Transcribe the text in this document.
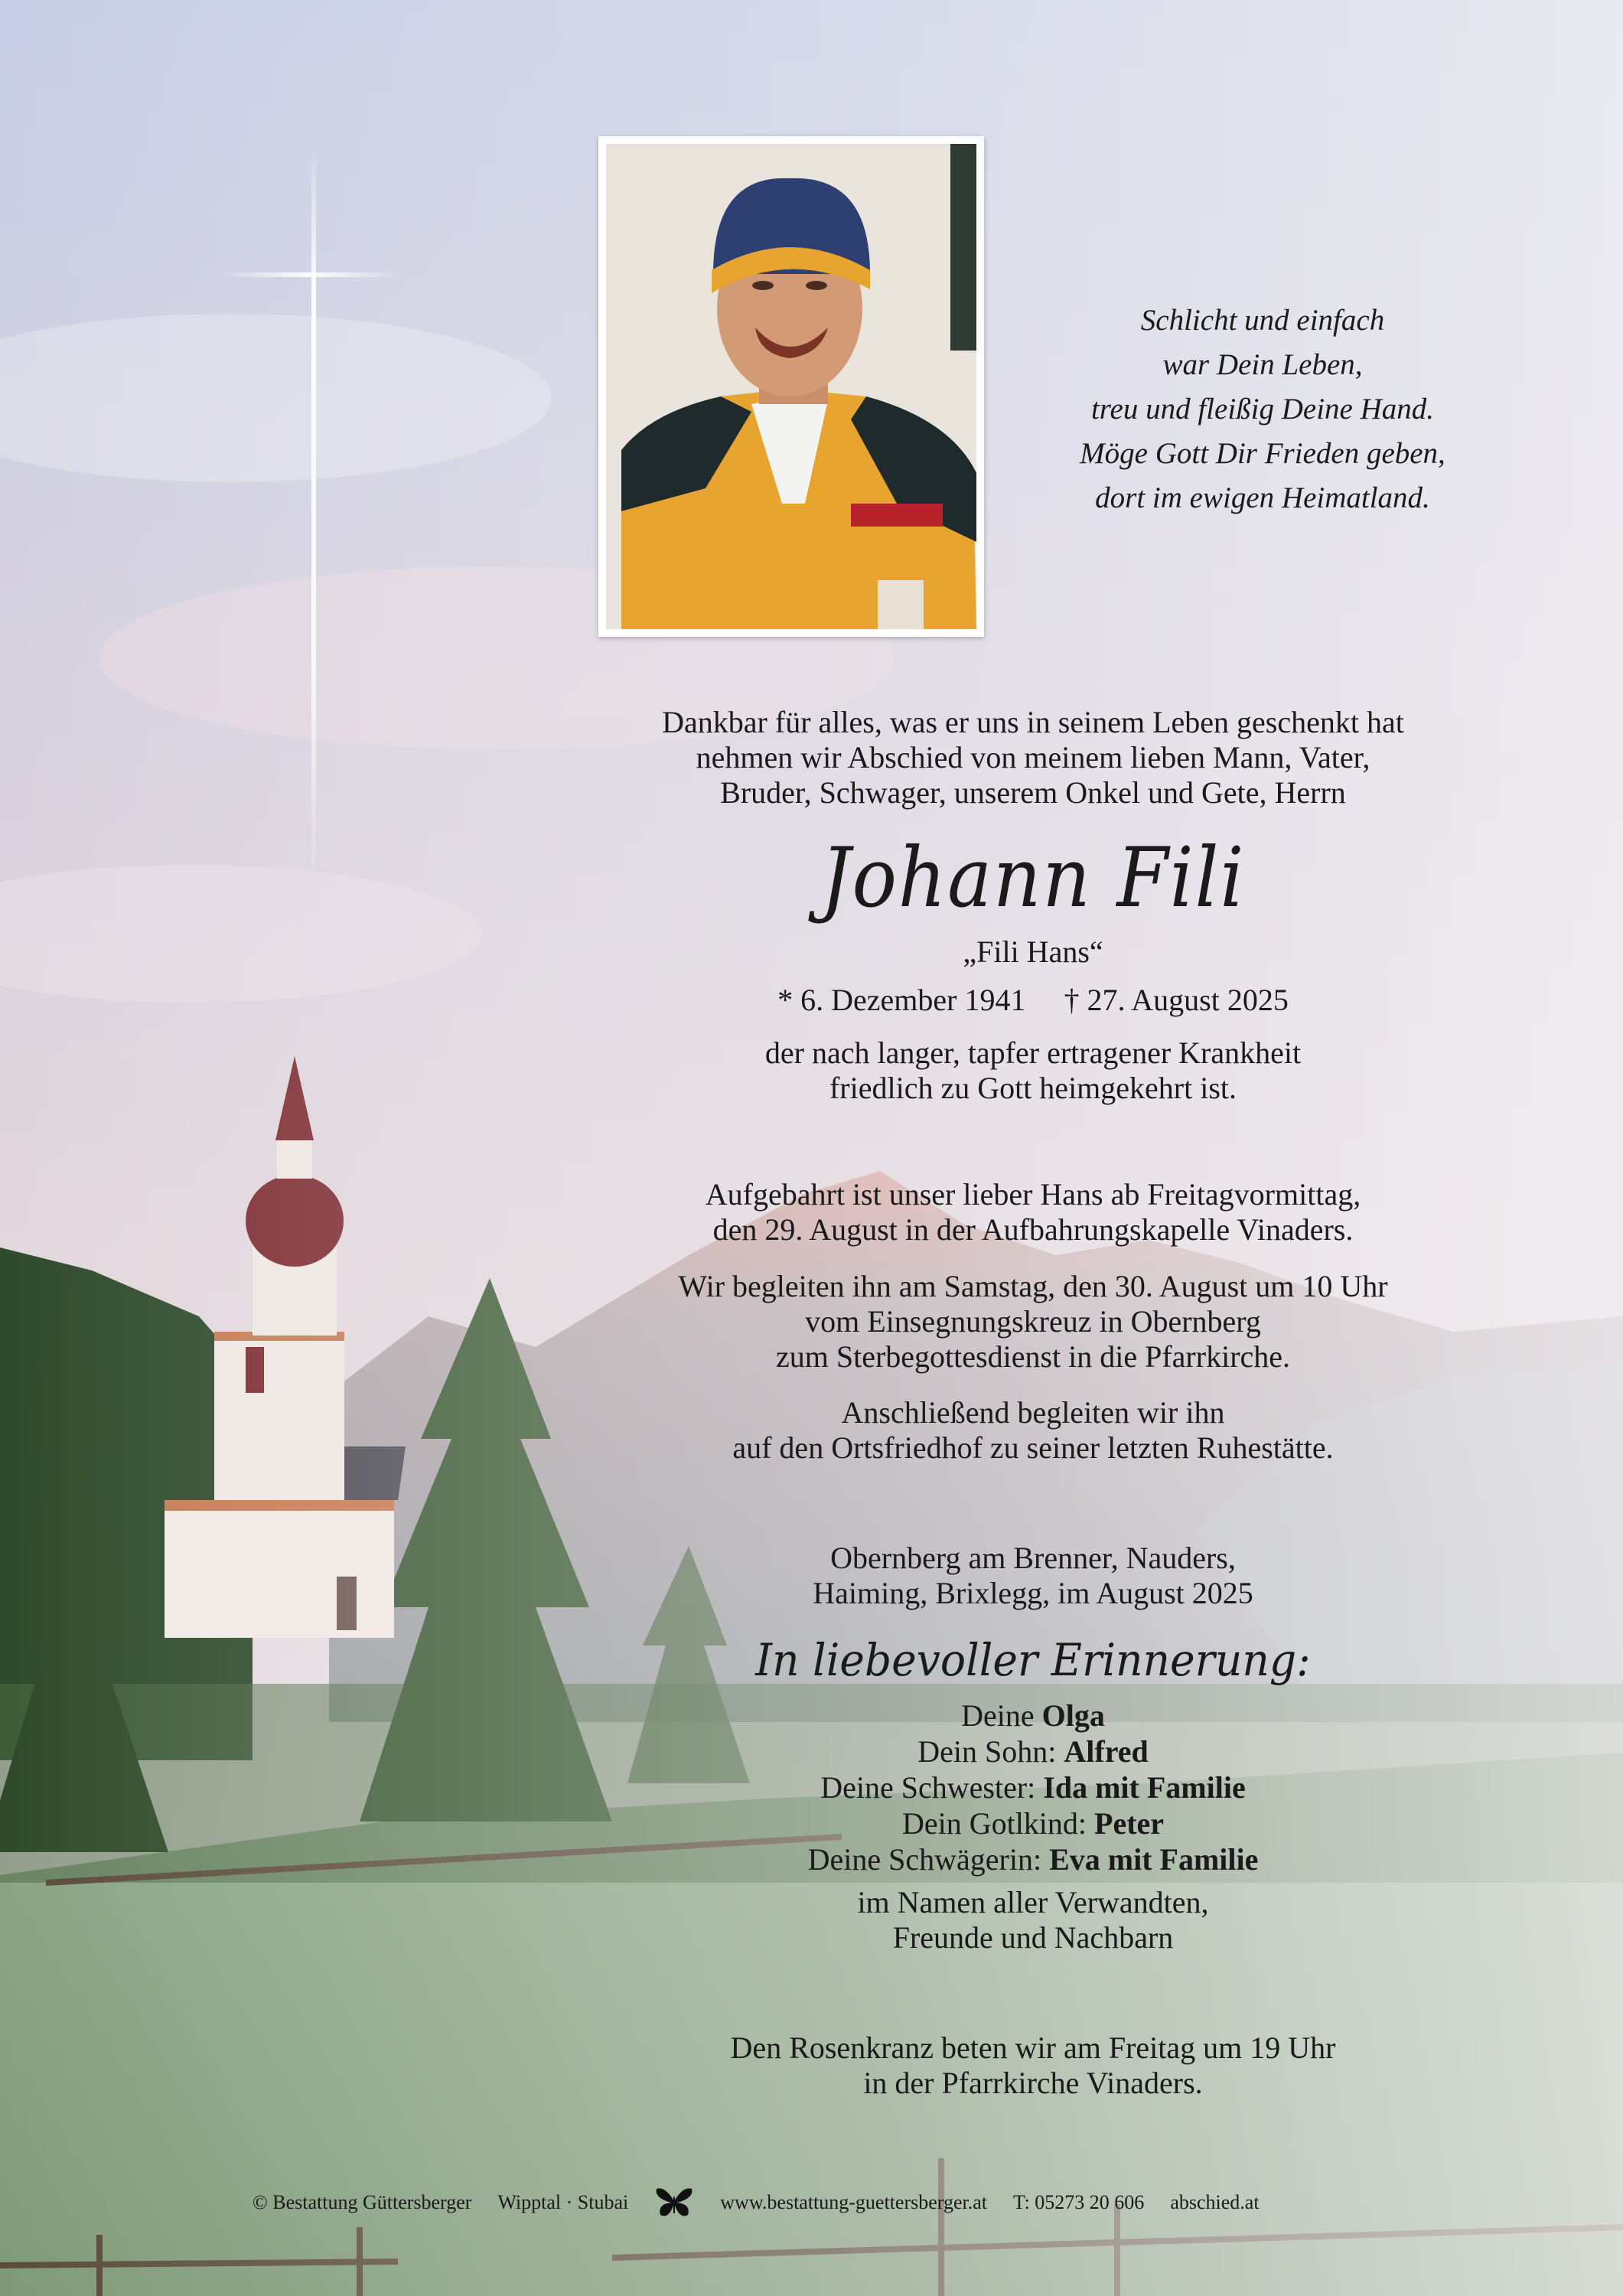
Schlicht und einfach
war Dein Leben,
treu und fleißig Deine Hand.
Möge Gott Dir Frieden geben,
dort im ewigen Heimatland.
Dankbar für alles, was er uns in seinem Leben geschenkt hat
nehmen wir Abschied von meinem lieben Mann, Vater,
Bruder, Schwager, unserem Onkel und Gete, Herrn
Johann Fili
„Fili Hans“
* 6. Dezember 1941 † 27. August 2025
der nach langer, tapfer ertragener Krankheit
friedlich zu Gott heimgekehrt ist.
Aufgebahrt ist unser lieber Hans ab Freitagvormittag,
den 29. August in der Aufbahrungskapelle Vinaders.
Wir begleiten ihn am Samstag, den 30. August um 10 Uhr
vom Einsegnungskreuz in Obernberg
zum Sterbegottesdienst in die Pfarrkirche.
Anschließend begleiten wir ihn
auf den Ortsfriedhof zu seiner letzten Ruhestätte.
Obernberg am Brenner, Nauders,
Haiming, Brixlegg, im August 2025
In liebevoller Erinnerung:
Deine Olga
Dein Sohn: Alfred
Deine Schwester: Ida mit Familie
Dein Gotlkind: Peter
Deine Schwägerin: Eva mit Familie
im Namen aller Verwandten,
Freunde und Nachbarn
Den Rosenkranz beten wir am Freitag um 19 Uhr
in der Pfarrkirche Vinaders.
© Bestattung Güttersberger Wipptal · Stubai	www.bestattung-guettersberger.at T: 05273 20 606 abschied.at
